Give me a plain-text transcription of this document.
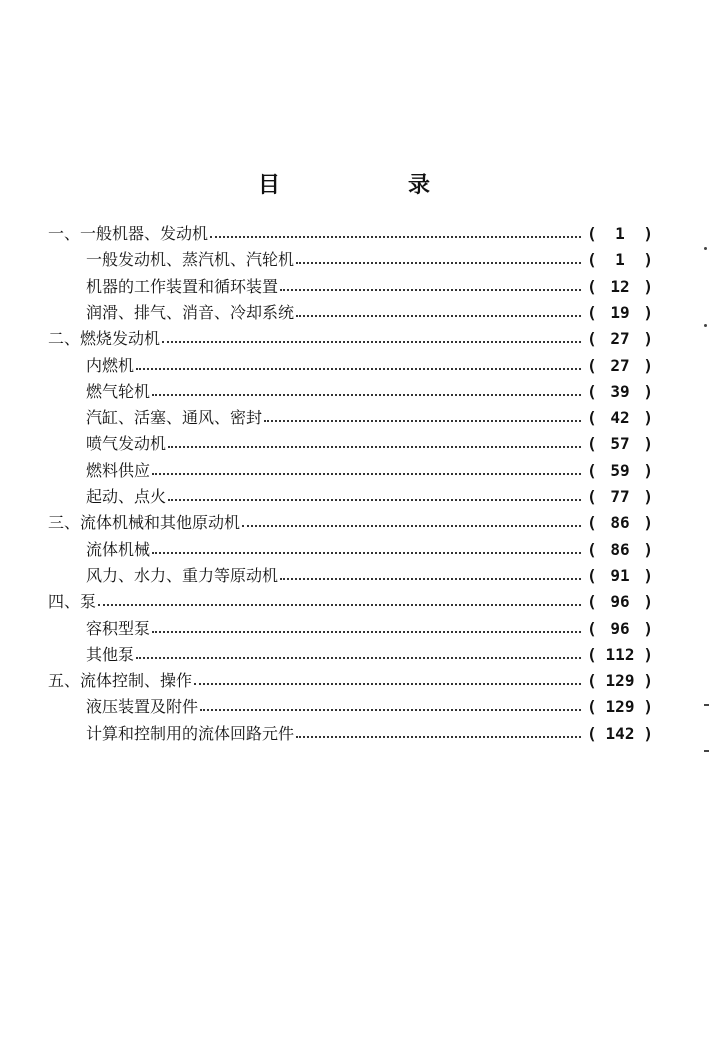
目	录
一、一般机器、发动机	(	1	)
一般发动机、蒸汽机、汽轮机	(	1	)
机器的工作装置和循环装置	( 12 )
润滑、排气、消音、冷却系统	( 19 )
二、燃烧发动机	( 27 )
内燃机	( 27 )
燃气轮机	( 39 )
汽缸、活塞、通风、密封	( 42 )
喷气发动机	( 57 )
燃料供应	( 59 )
起动、点火	( 77 )
三、流体机械和其他原动机	( 86 )
流体机械	( 86 )
风力、水力、重力等原动机	( 91 )
四、泵	( 96 )
容积型泵	( 96 )
其他泵	( 112 )
五、流体控制、操作	( 129 )
液压装置及附件	( 129 )
计算和控制用的流体回路元件	( 142 )
